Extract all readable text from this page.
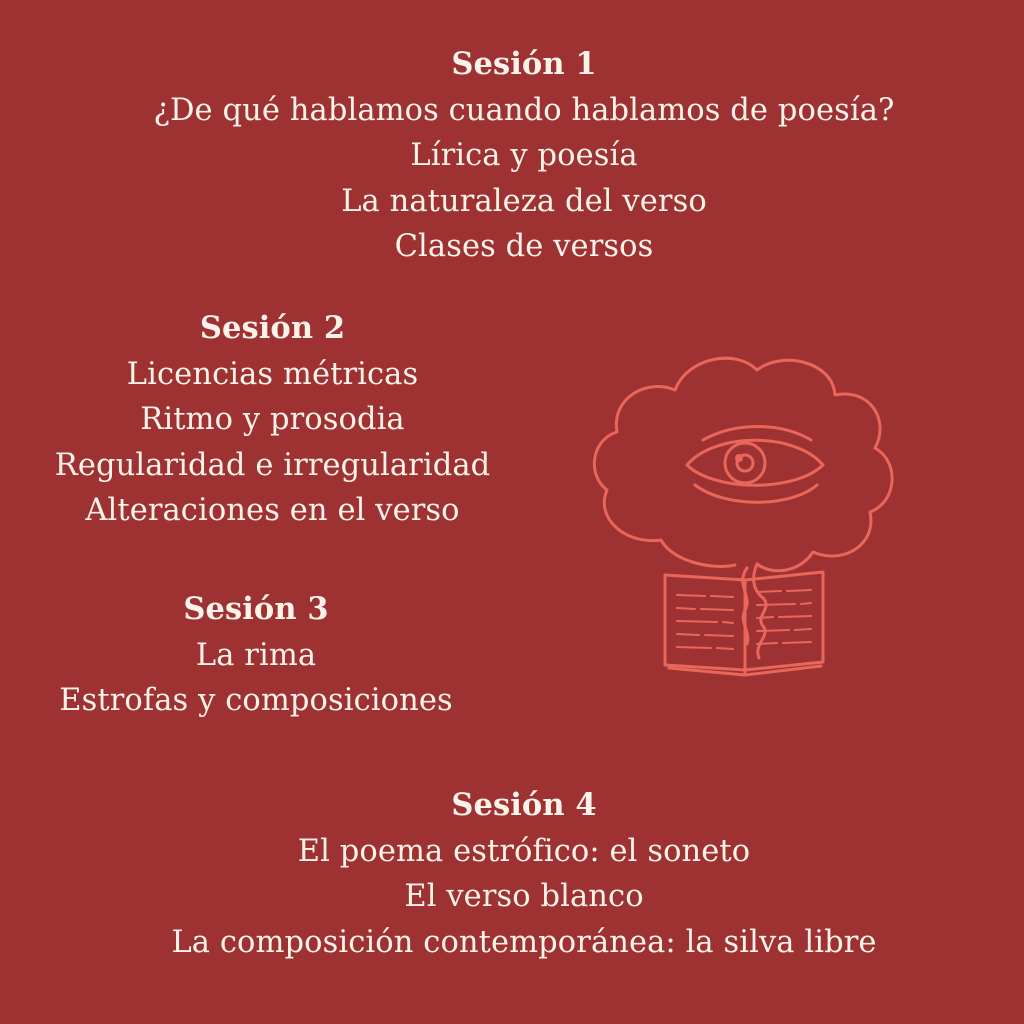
Sesión 1
¿De qué hablamos cuando hablamos de poesía?
Lírica y poesía
La naturaleza del verso
Clases de versos
Sesión 2
Licencias métricas
Ritmo y prosodia
Regularidad e irregularidad
Alteraciones en el verso
Sesión 3
La rima
Estrofas y composiciones
Sesión 4
El poema estrófico: el soneto
El verso blanco
La composición contemporánea: la silva libre
